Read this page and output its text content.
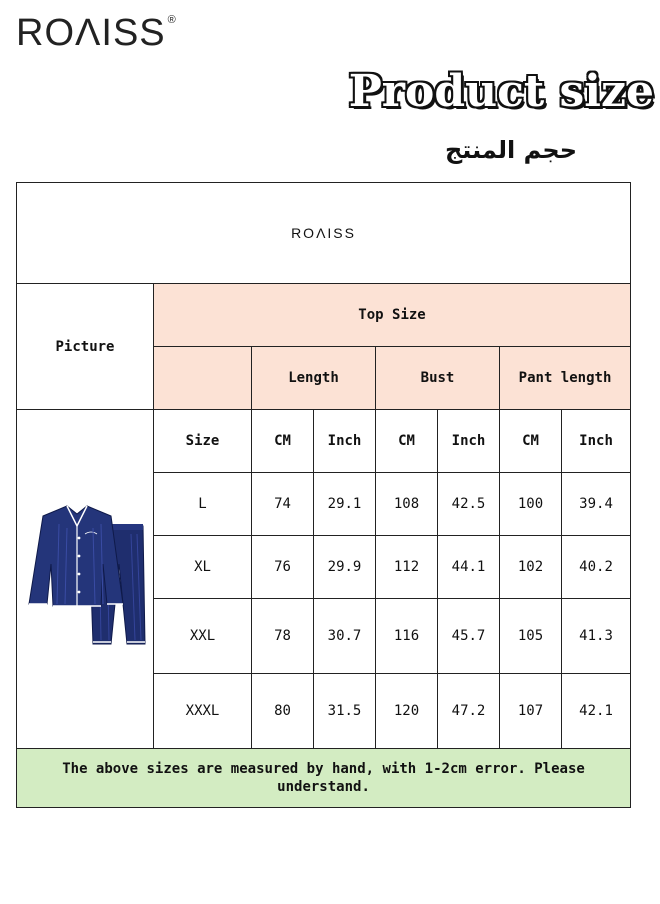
ROΛISS ®
Product size
حجم المنتج
ROΛISS							
Picture	Top Size						
		Length		Bust		Pant length	

	Size	CM	Inch	CM	Inch	CM	Inch
	L	74	29.1	108	42.5	100	39.4
	XL	76	29.9	112	44.1	102	40.2
	XXL	78	30.7	116	45.7	105	41.3
	XXXL	80	31.5	120	47.2	107	42.1
The above sizes are measured by hand, with 1-2cm error. Please understand.							
